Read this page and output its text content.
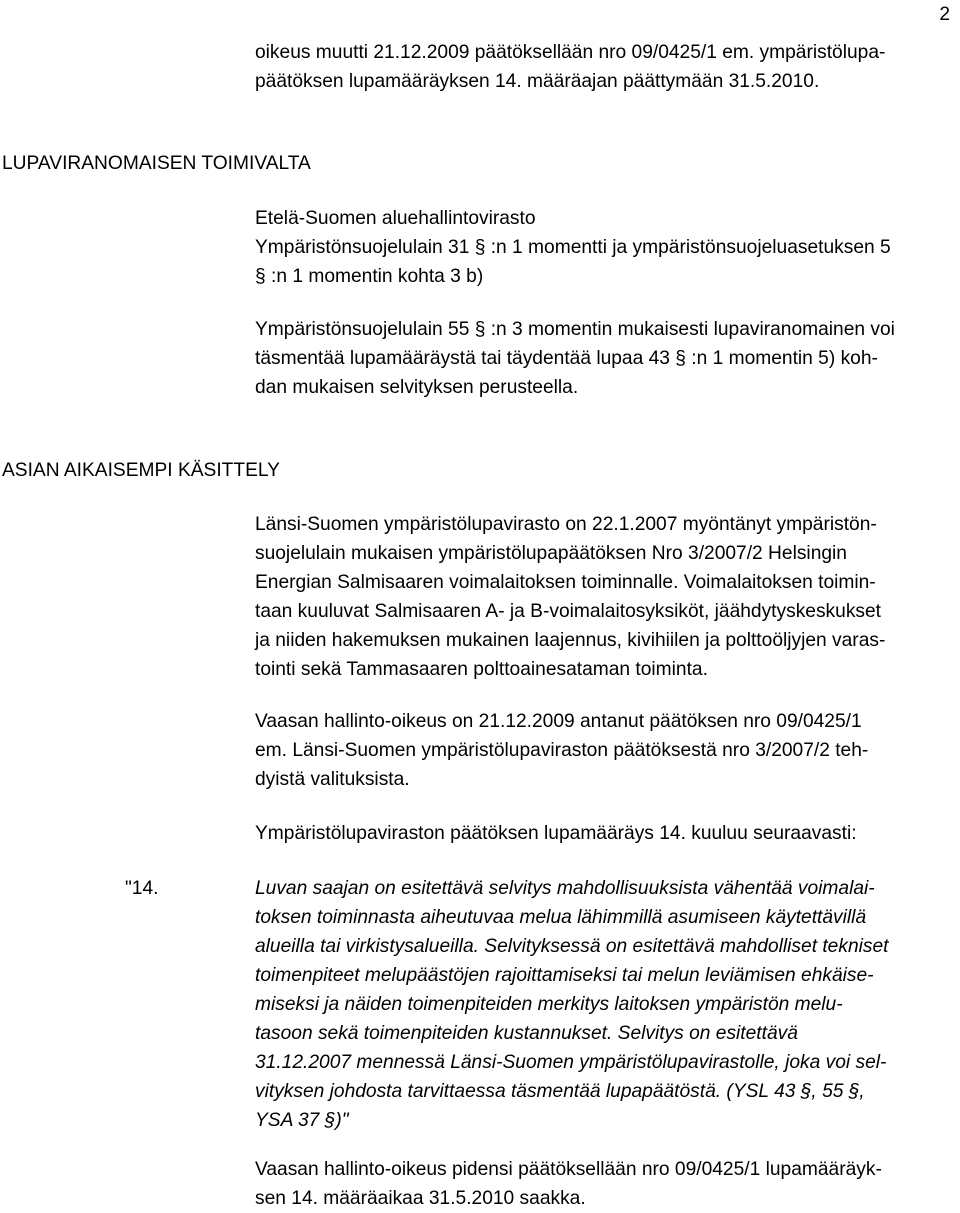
2

oikeus muutti 21.12.2009 päätöksellään nro 09/0425/1 em. ympäristölupa-
päätöksen lupamääräyksen 14. määräajan päättymään 31.5.2010.

LUPAVIRANOMAISEN TOIMIVALTA

Etelä-Suomen aluehallintovirasto

Ympäristönsuojelulain 31 § :n 1 momentti ja ympäristönsuojeluasetuksen 5
§ :n 1 momentin kohta 3 b)

Ympäristönsuojelulain 55 § :n 3 momentin mukaisesti lupaviranomainen voi
täsmentää lupamääräystä tai täydentää lupaa 43 § :n 1 momentin 5) koh-
dan mukaisen selvityksen perusteella.

ASIAN AIKAISEMPI KÄSITTELY

Länsi-Suomen ympäristölupavirasto on 22.1.2007 myöntänyt ympäristön-
suojelulain mukaisen ympäristölupapäätöksen Nro 3/2007/2 Helsingin
Energian Salmisaaren voimalaitoksen toiminnalle. Voimalaitoksen toimin-
taan kuuluvat Salmisaaren A- ja B-voimalaitosyksiköt, jäähdytyskeskukset
ja niiden hakemuksen mukainen laajennus, kivihiilen ja polttoöljyjen varas-
tointi sekä Tammasaaren polttoainesataman toiminta.

Vaasan hallinto-oikeus on 21.12.2009 antanut päätöksen nro 09/0425/1
em. Länsi-Suomen ympäristölupaviraston päätöksestä nro 3/2007/2 teh-
dyistä valituksista.

Ympäristölupaviraston päätöksen lupamääräys 14. kuuluu seuraavasti:

"14.	Luvan saajan on esitettävä selvitys mahdollisuuksista vähentää voimalai-
toksen toiminnasta aiheutuvaa melua lähimmillä asumiseen käytettävillä
alueilla tai virkistysalueilla. Selvityksessä on esitettävä mahdolliset tekniset
toimenpiteet melupäästöjen rajoittamiseksi tai melun leviämisen ehkäise-
miseksi ja näiden toimenpiteiden merkitys laitoksen ympäristön melu-
tasoon sekä toimenpiteiden kustannukset. Selvitys on esitettävä
31.12.2007 mennessä Länsi-Suomen ympäristölupavirastolle, joka voi sel-
vityksen johdosta tarvittaessa täsmentää lupapäätöstä. (YSL 43 §, 55 §,
YSA 37 §)"

Vaasan hallinto-oikeus pidensi päätöksellään nro 09/0425/1 lupamääräyk-
sen 14. määräaikaa 31.5.2010 saakka.
